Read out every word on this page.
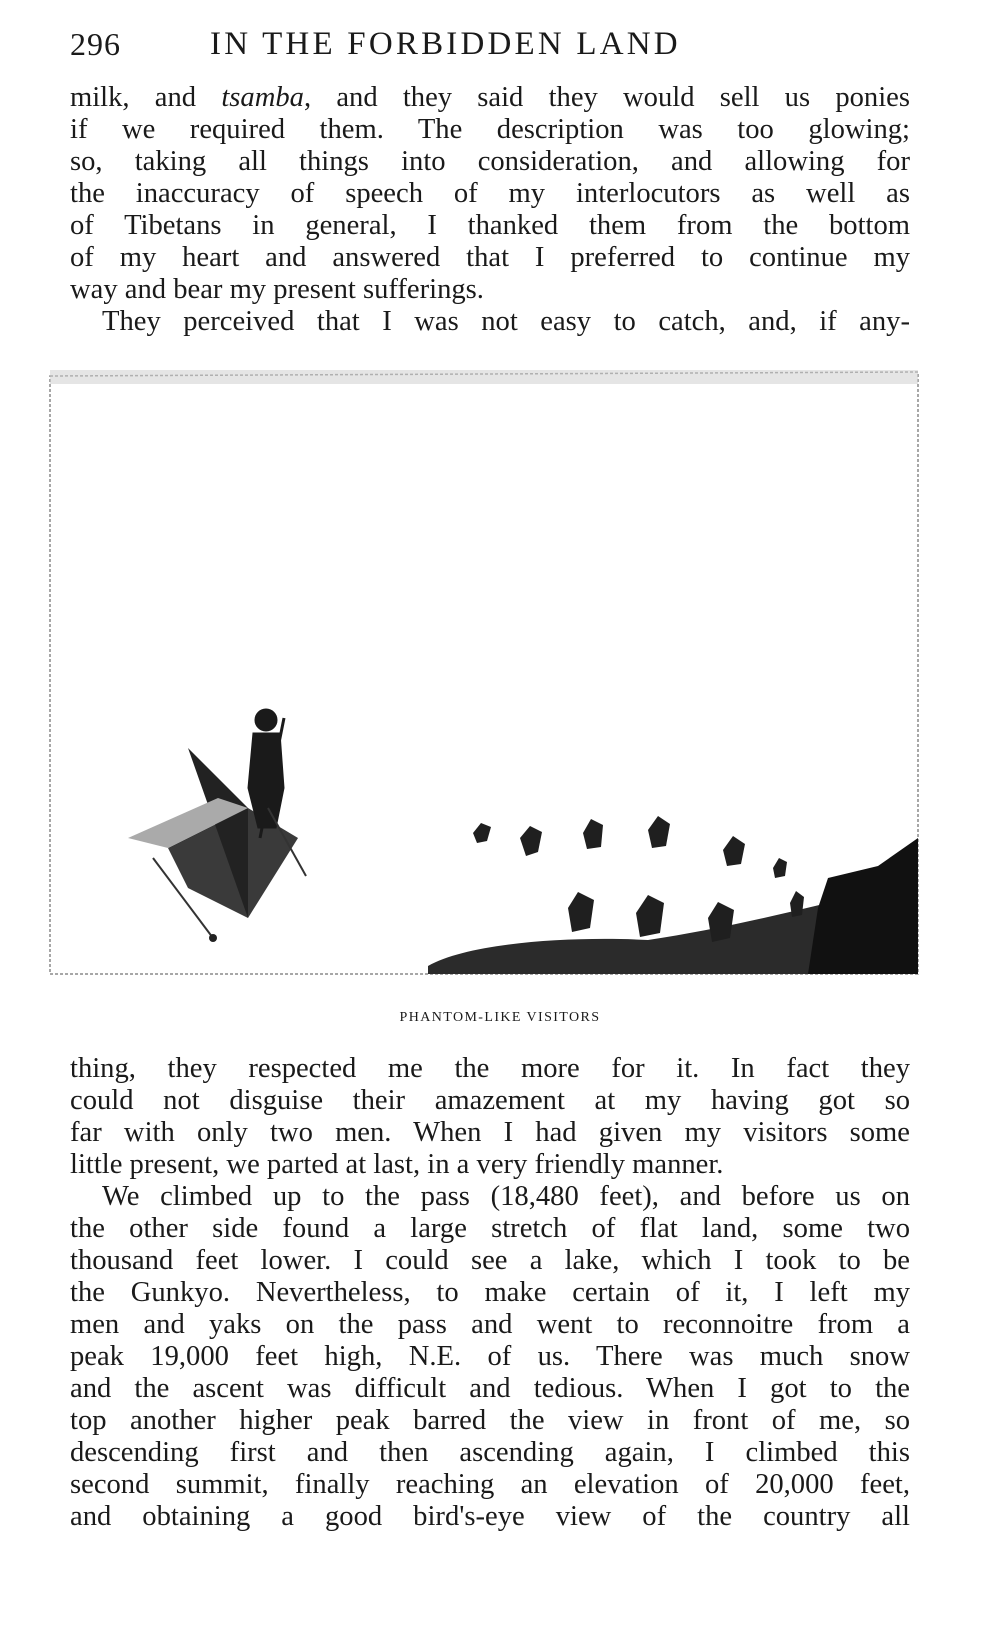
296	IN THE FORBIDDEN LAND
milk, and tsamba, and they said they would sell us ponies
if we required them. The description was too glowing;
so, taking all things into consideration, and allowing for
the inaccuracy of speech of my interlocutors as well as
of Tibetans in general, I thanked them from the bottom
of my heart and answered that I preferred to continue my
way and bear my present sufferings.
They perceived that I was not easy to catch, and, if any-
PHANTOM-LIKE VISITORS
thing, they respected me the more for it. In fact they
could not disguise their amazement at my having got so
far with only two men. When I had given my visitors some
little present, we parted at last, in a very friendly manner.
We climbed up to the pass (18,480 feet), and before us on
the other side found a large stretch of flat land, some two
thousand feet lower. I could see a lake, which I took to be
the Gunkyo. Nevertheless, to make certain of it, I left my
men and yaks on the pass and went to reconnoitre from a
peak 19,000 feet high, N.E. of us. There was much snow
and the ascent was difficult and tedious. When I got to the
top another higher peak barred the view in front of me, so
descending first and then ascending again, I climbed this
second summit, finally reaching an elevation of 20,000 feet,
and obtaining a good bird's-eye view of the country all
